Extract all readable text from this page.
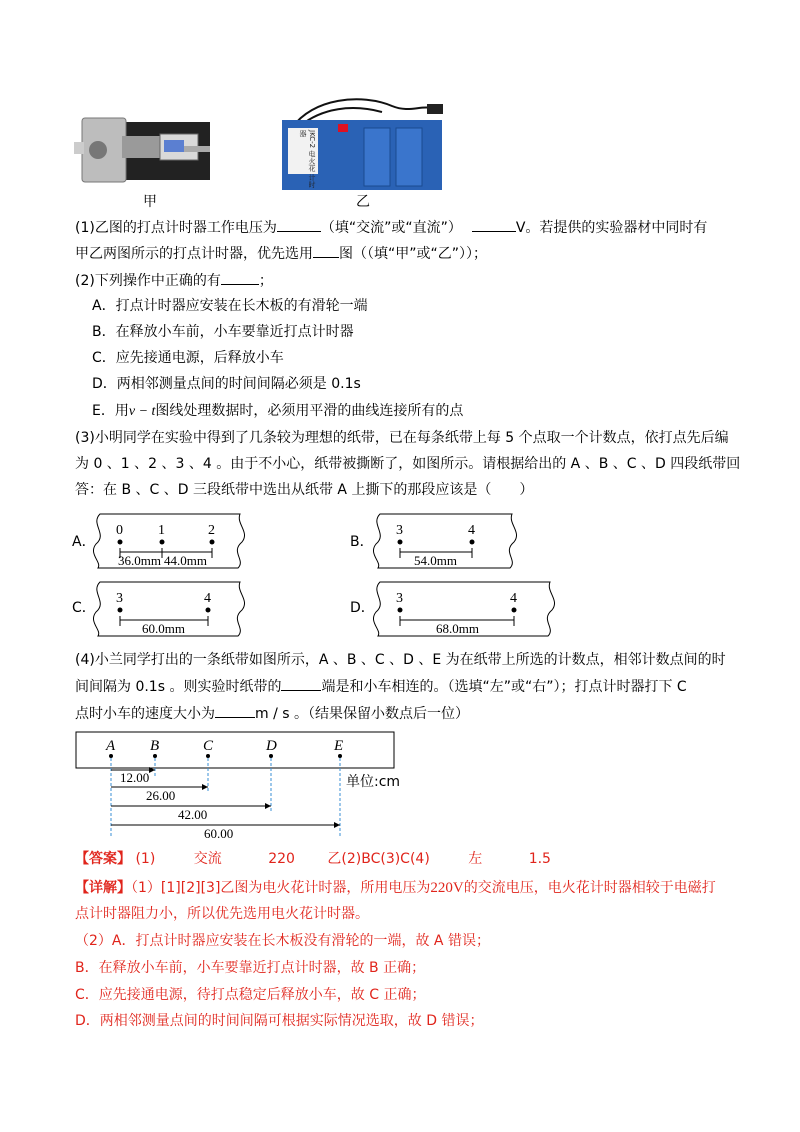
甲
JKC-2 电火花 计时器
乙
(1)乙图的打点计时器工作电压为	（填“交流”或“直流”）	V。若提供的实验器材中同时有
甲乙两图所示的打点计时器，优先选用 图（（填“甲”或“乙”））；
(2)下列操作中正确的有	；
A．打点计时器应安装在长木板的有滑轮一端
B．在释放小车前，小车要靠近打点计时器
C．应先接通电源，后释放小车
D．两相邻测量点间的时间间隔必须是 0.1s
E．用v − t图线处理数据时，必须用平滑的曲线连接所有的点
(3)小明同学在实验中得到了几条较为理想的纸带，已在每条纸带上每 5 个点取一个计数点，依打点先后编
为 0 、1 、2 、3 、4 。由于不小心，纸带被撕断了，如图所示。请根据给出的 A 、B 、C 、D 四段纸带回
答：在 B 、C 、D 三段纸带中选出从纸带 A 上撕下的那段应该是（　　）
A．
0	1	2
36.0mm 44.0mm
B．
3	4
54.0mm
C．
3	4
60.0mm
D．
3	4
68.0mm
(4)小兰同学打出的一条纸带如图所示，A 、B 、C 、D 、E 为在纸带上所选的计数点，相邻计数点间的时
间间隔为 0.1s 。则实验时纸带的	端是和小车相连的。（选填“左”或“右”）；打点计时器打下 C
点时小车的速度大小为	m / s 。（结果保留小数点后一位）
A B	C	D	E
12.00
26.00
42.00
60.00
单位:cm
【答案】 (1)	交流	220 乙(2)BC(3)C(4)	左	1.5
【详解】（1）[1][2][3]乙图为电火花计时器，所用电压为220V的交流电压，电火花计时器相较于电磁打
点计时器阻力小，所以优先选用电火花计时器。
（2）A．打点计时器应安装在长木板没有滑轮的一端，故 A 错误；
B．在释放小车前，小车要靠近打点计时器，故 B 正确；
C．应先接通电源，待打点稳定后释放小车，故 C 正确；
D．两相邻测量点间的时间间隔可根据实际情况选取，故 D 错误；
